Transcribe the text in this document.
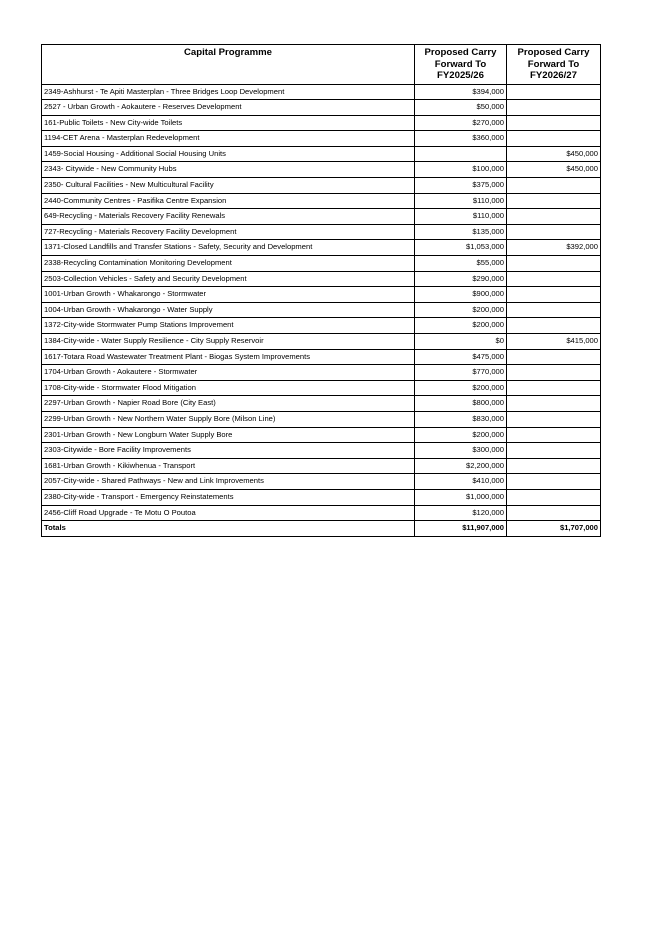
Capital Programme	Proposed Carry Forward To FY2025/26	Proposed Carry Forward To FY2026/27
2349-Ashhurst - Te Apiti Masterplan - Three Bridges Loop Development	$394,000	
2527 - Urban Growth - Aokautere - Reserves Development	$50,000	
161-Public Toilets - New City-wide Toilets	$270,000	
1194-CET Arena - Masterplan Redevelopment	$360,000	
1459-Social Housing - Additional Social Housing Units		$450,000
2343- Citywide - New Community Hubs	$100,000	$450,000
2350- Cultural Facilities - New Multicultural Facility	$375,000	
2440-Community Centres - Pasifika Centre Expansion	$110,000	
649-Recycling - Materials Recovery Facility Renewals	$110,000	
727-Recycling - Materials Recovery Facility Development	$135,000	
1371-Closed Landfills and Transfer Stations - Safety, Security and Development	$1,053,000	$392,000
2338-Recycling Contamination Monitoring Development	$55,000	
2503-Collection Vehicles - Safety and Security Development	$290,000	
1001-Urban Growth - Whakarongo - Stormwater	$900,000	
1004-Urban Growth - Whakarongo - Water Supply	$200,000	
1372-City-wide Stormwater Pump Stations Improvement	$200,000	
1384-City-wide - Water Supply Resilience - City Supply Reservoir	$0	$415,000
1617-Totara Road Wastewater Treatment Plant - Biogas System Improvements	$475,000	
1704-Urban Growth - Aokautere - Stormwater	$770,000	
1708-City-wide - Stormwater Flood Mitigation	$200,000	
2297-Urban Growth - Napier Road Bore (City East)	$800,000	
2299-Urban Growth - New Northern Water Supply Bore (Milson Line)	$830,000	
2301-Urban Growth - New Longburn Water Supply Bore	$200,000	
2303-Citywide - Bore Facility Improvements	$300,000	
1681-Urban Growth - Kikiwhenua - Transport	$2,200,000	
2057-City-wide - Shared Pathways - New and Link Improvements	$410,000	
2380-City-wide - Transport - Emergency Reinstatements	$1,000,000	
2456-Cliff Road Upgrade - Te Motu O Poutoa	$120,000	
Totals	$11,907,000	$1,707,000
